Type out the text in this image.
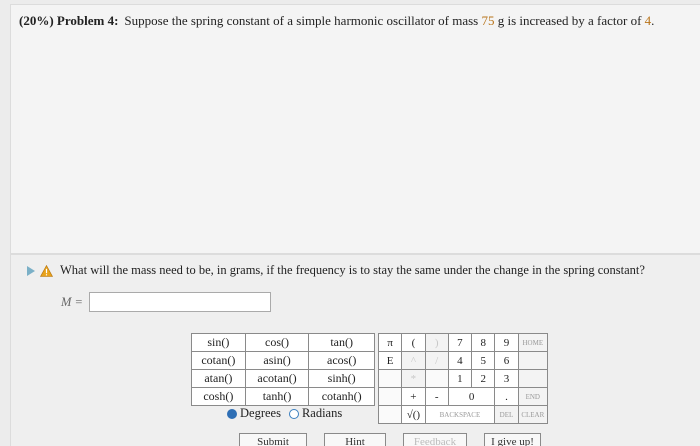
(20%) Problem 4: Suppose the spring constant of a simple harmonic oscillator of mass 75 g is increased by a factor of 4.
What will the mass need to be, in grams, if the frequency is to stay the same under the change in the spring constant?
M =
sin()	cos()	tan()
cotan()	asin()	acos()
atan()	acotan()	sinh()
cosh()	tanh()	cotanh()
Degrees Radians
π	(	)	7	8	9	HOME
E	^	/	4	5	6	
	*		1	2	3	
	+	-	0		.	END
	√()	BACKSPACE			DEL	CLEAR
Submit	Hint	Feedback	I give up!
